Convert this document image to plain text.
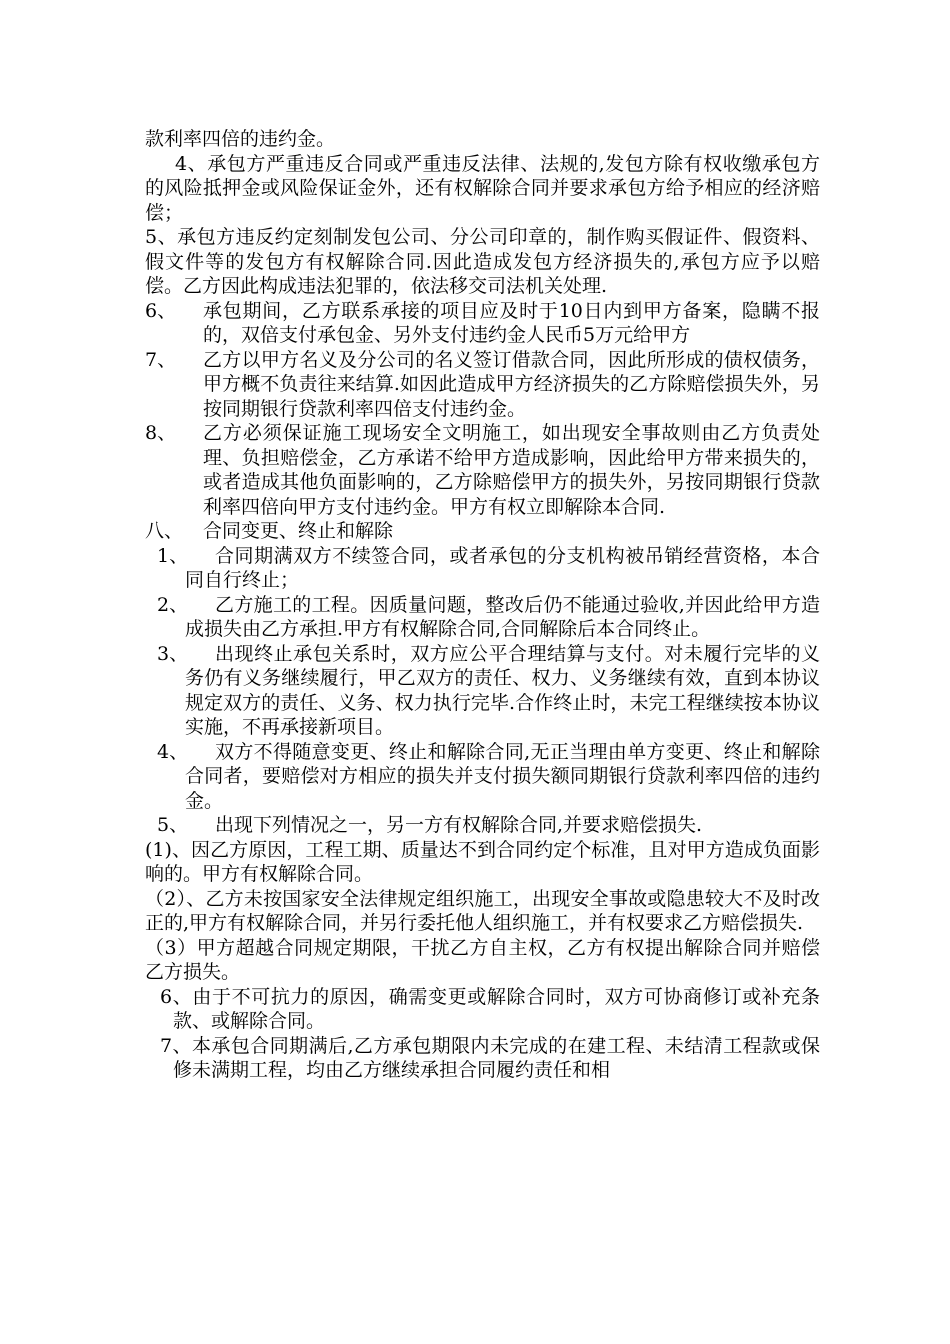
款利率四倍的违约金。

4、承包方严重违反合同或严重违反法律、法规的,发包方除有权收缴承包方的风险抵押金或风险保证金外，还有权解除合同并要求承包方给予相应的经济赔偿；

5、承包方违反约定刻制发包公司、分公司印章的，制作购买假证件、假资料、假文件等的发包方有权解除合同.因此造成发包方经济损失的,承包方应予以赔偿。乙方因此构成违法犯罪的，依法移交司法机关处理.

6、	承包期间，乙方联系承接的项目应及时于10日内到甲方备案，隐瞒不报的，双倍支付承包金、另外支付违约金人民币5万元给甲方
7、	乙方以甲方名义及分公司的名义签订借款合同，因此所形成的债权债务，甲方概不负责往来结算.如因此造成甲方经济损失的乙方除赔偿损失外，另按同期银行贷款利率四倍支付违约金。
8、	乙方必须保证施工现场安全文明施工，如出现安全事故则由乙方负责处理、负担赔偿金，乙方承诺不给甲方造成影响，因此给甲方带来损失的，或者造成其他负面影响的，乙方除赔偿甲方的损失外，另按同期银行贷款利率四倍向甲方支付违约金。甲方有权立即解除本合同.
八、	合同变更、终止和解除
1、	合同期满双方不续签合同，或者承包的分支机构被吊销经营资格，本合同自行终止；
2、	乙方施工的工程。因质量问题，整改后仍不能通过验收,并因此给甲方造成损失由乙方承担.甲方有权解除合同,合同解除后本合同终止。
3、	出现终止承包关系时，双方应公平合理结算与支付。对未履行完毕的义务仍有义务继续履行，甲乙双方的责任、权力、义务继续有效，直到本协议规定双方的责任、义务、权力执行完毕.合作终止时，未完工程继续按本协议实施，不再承接新项目。
4、	双方不得随意变更、终止和解除合同,无正当理由单方变更、终止和解除合同者，要赔偿对方相应的损失并支付损失额同期银行贷款利率四倍的违约金。
5、	出现下列情况之一，另一方有权解除合同,并要求赔偿损失.

(1)、因乙方原因，工程工期、质量达不到合同约定个标准，且对甲方造成负面影响的。甲方有权解除合同。

（2）、乙方未按国家安全法律规定组织施工，出现安全事故或隐患较大不及时改正的,甲方有权解除合同，并另行委托他人组织施工，并有权要求乙方赔偿损失.

（3）甲方超越合同规定期限，干扰乙方自主权，乙方有权提出解除合同并赔偿乙方损失。

6、由于不可抗力的原因，确需变更或解除合同时，双方可协商修订或补充条款、或解除合同。

7、本承包合同期满后,乙方承包期限内未完成的在建工程、未结清工程款或保修未满期工程，均由乙方继续承担合同履约责任和相
